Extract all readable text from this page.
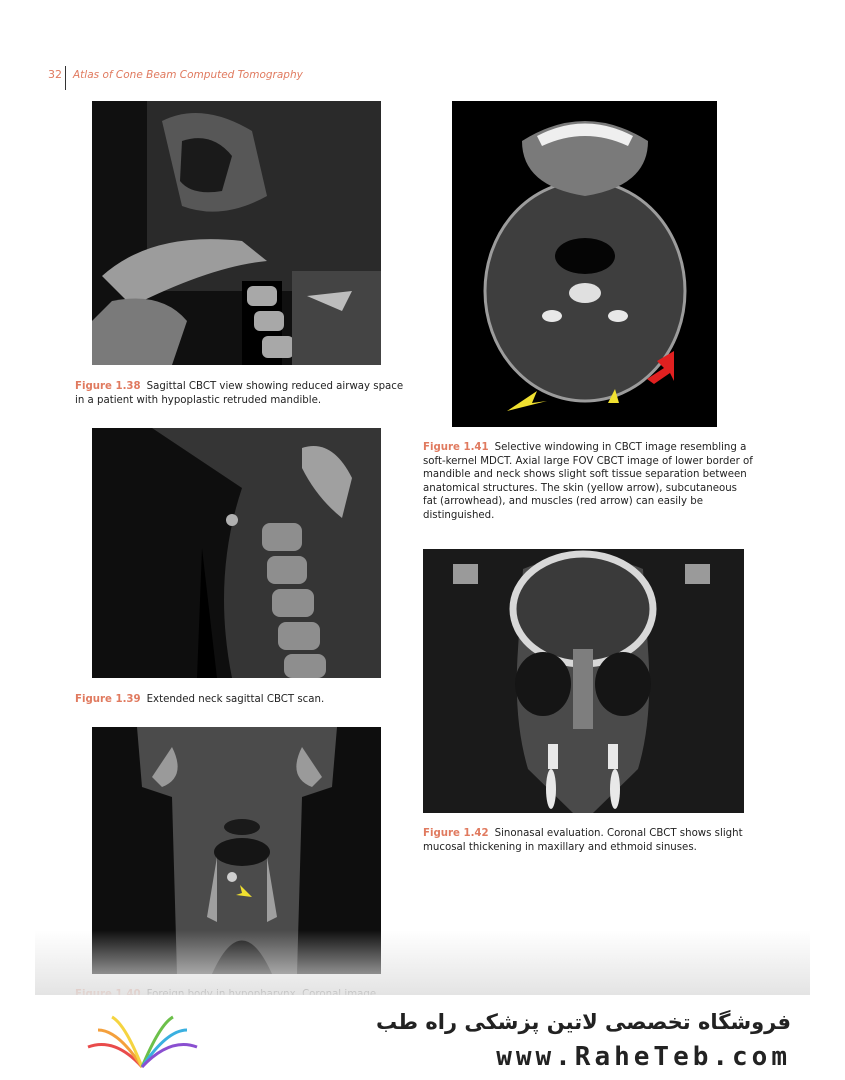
32 Atlas of Cone Beam Computed Tomography
Figure 1.38 Sagittal CBCT view showing reduced airway space in a patient with hypoplastic retruded mandible.
Figure 1.39 Extended neck sagittal CBCT scan.
Figure 1.41 Selective windowing in CBCT image resembling a soft-kernel MDCT. Axial large FOV CBCT image of lower border of mandible and neck shows slight soft tissue separation between anatomical structures. The skin (yellow arrow), subcutaneous fat (arrowhead), and muscles (red arrow) can easily be distinguished.
Figure 1.42 Sinonasal evaluation. Coronal CBCT shows slight mucosal thickening in maxillary and ethmoid sinuses.
فروشگاه تخصصی لاتین پزشکی راه طب
www.RaheTeb.com
